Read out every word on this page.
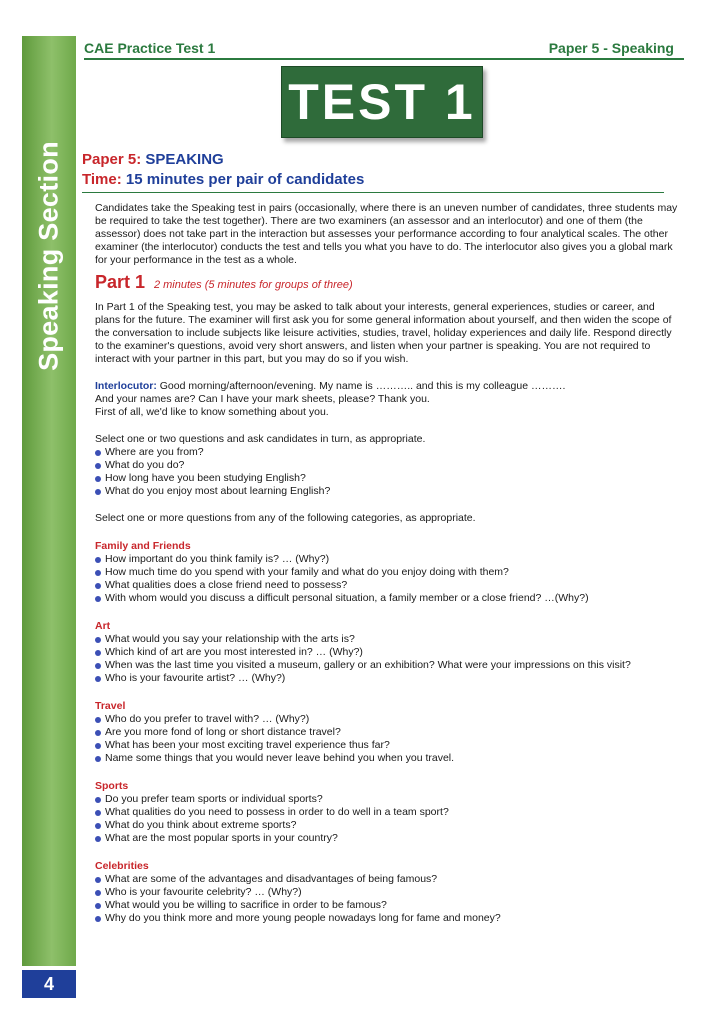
Speaking Section
4
CAE Practice Test 1	Paper 5 - Speaking
TEST 1
Paper 5: SPEAKING
Time: 15 minutes per pair of candidates

Candidates take the Speaking test in pairs (occasionally, where there is an uneven number of candidates, three students may be required to take the test together). There are two examiners (an assessor and an interlocutor) and one of them (the assessor) does not take part in the interaction but assesses your performance according to four analytical scales. The other examiner (the interlocutor) conducts the test and tells you what you have to do. The interlocutor also gives you a global mark for your performance in the test as a whole.

Part 1 2 minutes (5 minutes for groups of three)

In Part 1 of the Speaking test, you may be asked to talk about your interests, general experiences, studies or career, and plans for the future. The examiner will first ask you for some general information about yourself, and then widen the scope of the conversation to include subjects like leisure activities, studies, travel, holiday experiences and daily life. Respond directly to the examiner's questions, avoid very short answers, and listen when your partner is speaking. You are not required to interact with your partner in this part, but you may do so if you wish.

Interlocutor: Good morning/afternoon/evening. My name is ……….. and this is my colleague ……….

And your names are? Can I have your mark sheets, please? Thank you.

First of all, we'd like to know something about you.

Select one or two questions and ask candidates in turn, as appropriate.

Where are you from?
What do you do?
How long have you been studying English?
What do you enjoy most about learning English?

Select one or more questions from any of the following categories, as appropriate.

Family and Friends
How important do you think family is? … (Why?)
How much time do you spend with your family and what do you enjoy doing with them?
What qualities does a close friend need to possess?
With whom would you discuss a difficult personal situation, a family member or a close friend? …(Why?)
Art
What would you say your relationship with the arts is?
Which kind of art are you most interested in? … (Why?)
When was the last time you visited a museum, gallery or an exhibition? What were your impressions on this visit?
Who is your favourite artist? … (Why?)
Travel
Who do you prefer to travel with? … (Why?)
Are you more fond of long or short distance travel?
What has been your most exciting travel experience thus far?
Name some things that you would never leave behind you when you travel.
Sports
Do you prefer team sports or individual sports?
What qualities do you need to possess in order to do well in a team sport?
What do you think about extreme sports?
What are the most popular sports in your country?
Celebrities
What are some of the advantages and disadvantages of being famous?
Who is your favourite celebrity? … (Why?)
What would you be willing to sacrifice in order to be famous?
Why do you think more and more young people nowadays long for fame and money?
